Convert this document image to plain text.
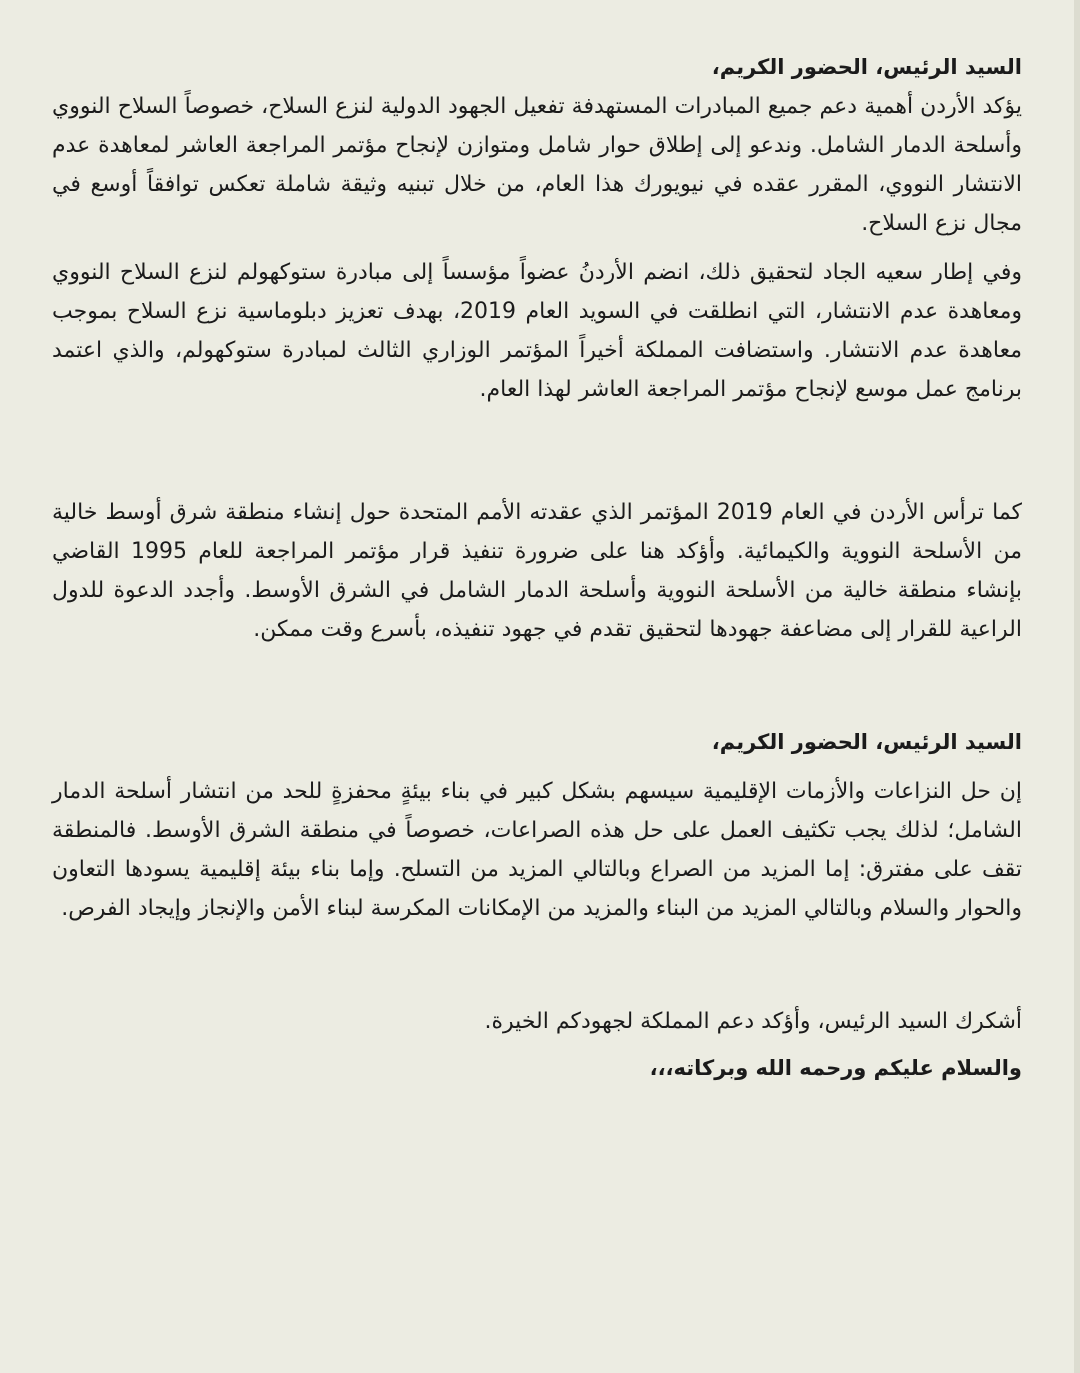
السيد الرئيس، الحضور الكريم،

يؤكد الأردن أهمية دعم جميع المبادرات المستهدفة تفعيل الجهود الدولية لنزع السلاح، خصوصاً السلاح النووي وأسلحة الدمار الشامل. وندعو إلى إطلاق حوار شامل ومتوازن لإنجاح مؤتمر المراجعة العاشر لمعاهدة عدم الانتشار النووي، المقرر عقده في نيويورك هذا العام، من خلال تبنيه وثيقة شاملة تعكس توافقاً أوسع في مجال نزع السلاح.

وفي إطار سعيه الجاد لتحقيق ذلك، انضم الأردنُ عضواً مؤسساً إلى مبادرة ستوكهولم لنزع السلاح النووي ومعاهدة عدم الانتشار، التي انطلقت في السويد العام 2019، بهدف تعزيز دبلوماسية نزع السلاح بموجب معاهدة عدم الانتشار. واستضافت المملكة أخيراً المؤتمر الوزاري الثالث لمبادرة ستوكهولم، والذي اعتمد برنامج عمل موسع لإنجاح مؤتمر المراجعة العاشر لهذا العام.

كما ترأس الأردن في العام 2019 المؤتمر الذي عقدته الأمم المتحدة حول إنشاء منطقة شرق أوسط خالية من الأسلحة النووية والكيمائية. وأؤكد هنا على ضرورة تنفيذ قرار مؤتمر المراجعة للعام 1995 القاضي بإنشاء منطقة خالية من الأسلحة النووية وأسلحة الدمار الشامل في الشرق الأوسط. وأجدد الدعوة للدول الراعية للقرار إلى مضاعفة جهودها لتحقيق تقدم في جهود تنفيذه، بأسرع وقت ممكن.

السيد الرئيس، الحضور الكريم،

إن حل النزاعات والأزمات الإقليمية سيسهم بشكل كبير في بناء بيئةٍ محفزةٍ للحد من انتشار أسلحة الدمار الشامل؛ لذلك يجب تكثيف العمل على حل هذه الصراعات، خصوصاً في منطقة الشرق الأوسط. فالمنطقة تقف على مفترق: إما المزيد من الصراع وبالتالي المزيد من التسلح. وإما بناء بيئة إقليمية يسودها التعاون والحوار والسلام وبالتالي المزيد من البناء والمزيد من الإمكانات المكرسة لبناء الأمن والإنجاز وإيجاد الفرص.

أشكرك السيد الرئيس، وأؤكد دعم المملكة لجهودكم الخيرة.

والسلام عليكم ورحمه الله وبركاته،،،
